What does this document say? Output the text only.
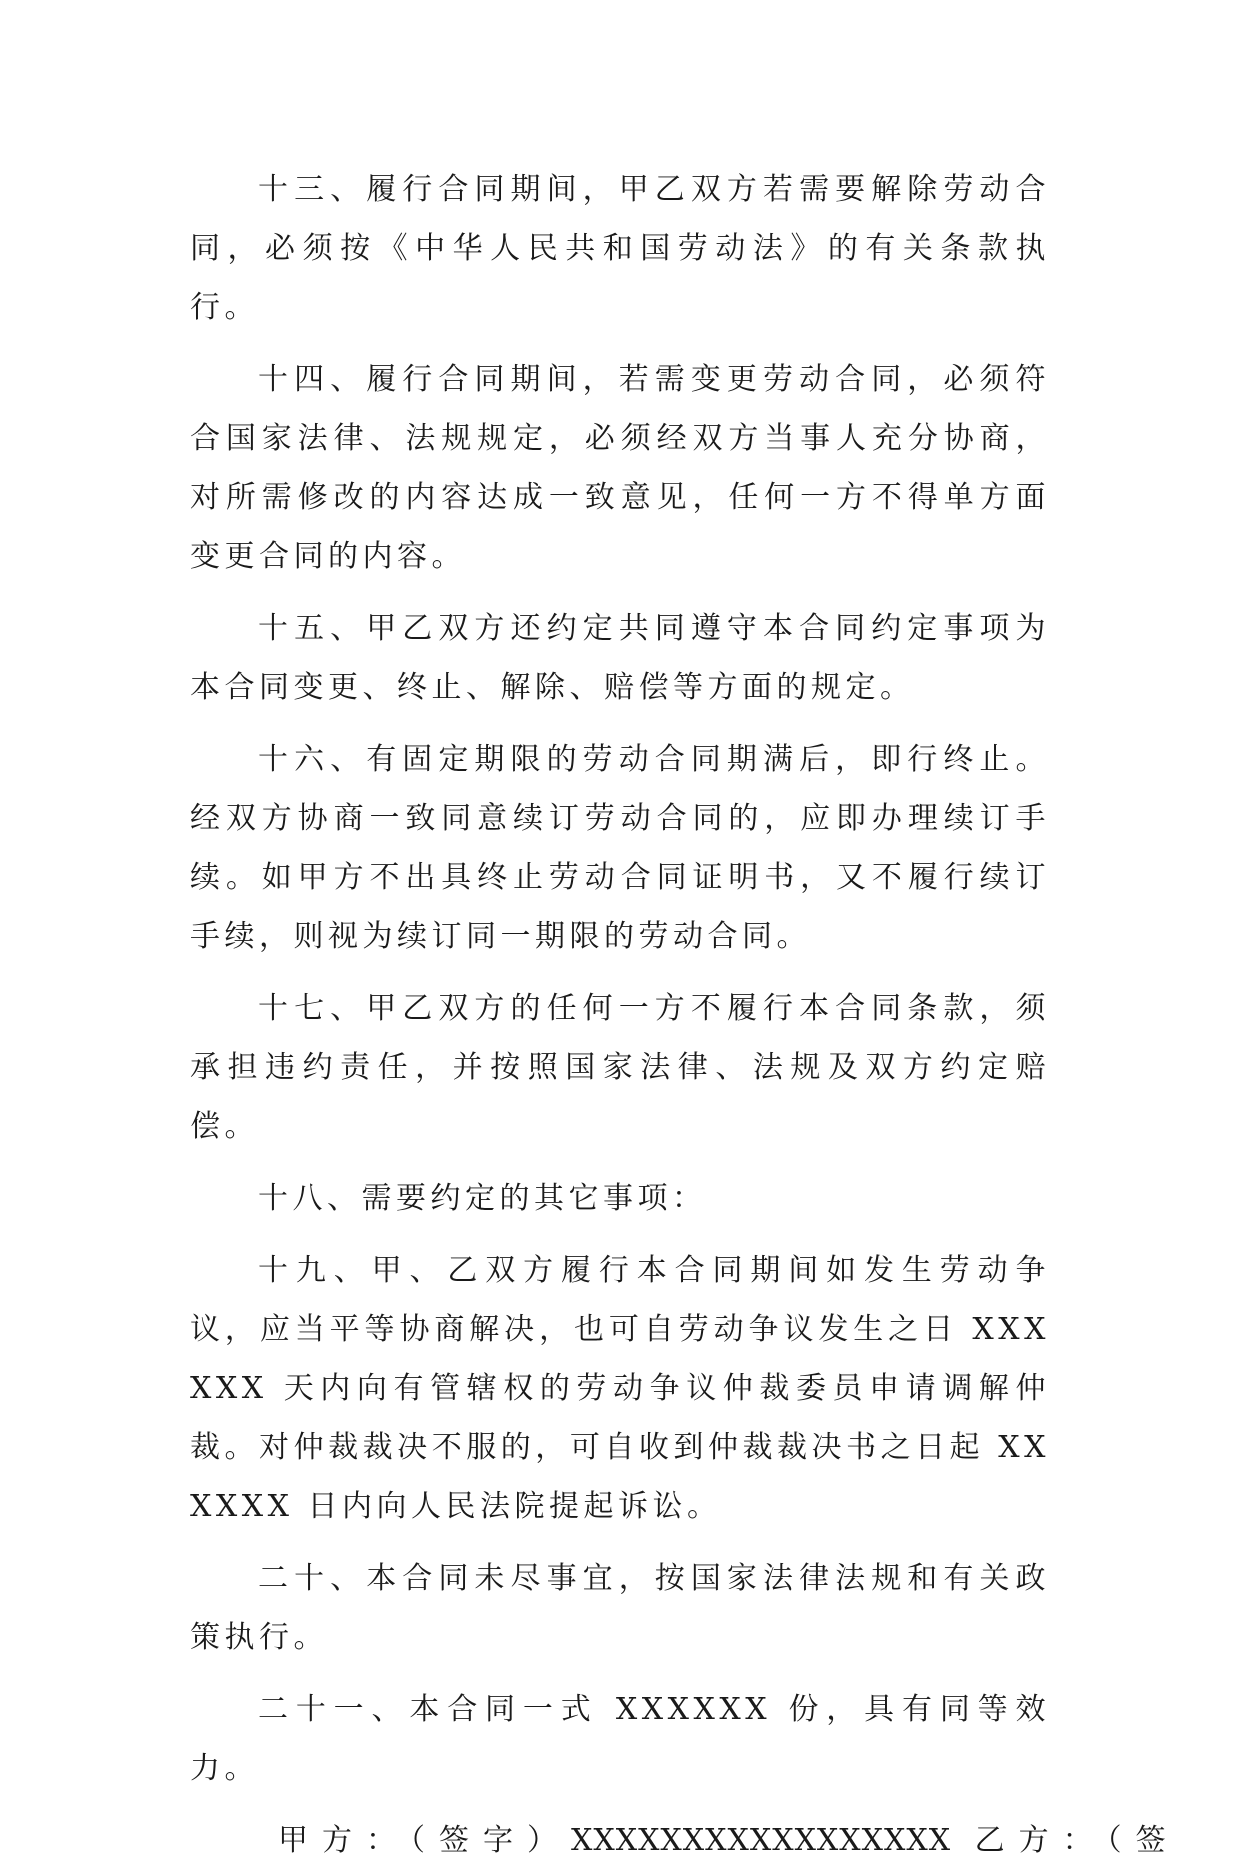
十三、履行合同期间，甲乙双方若需要解除劳动合同，必须按《中华人民共和国劳动法》的有关条款执行。

十四、履行合同期间，若需变更劳动合同，必须符合国家法律、法规规定，必须经双方当事人充分协商，对所需修改的内容达成一致意见，任何一方不得单方面变更合同的内容。

十五、甲乙双方还约定共同遵守本合同约定事项为本合同变更、终止、解除、赔偿等方面的规定。

十六、有固定期限的劳动合同期满后，即行终止。经双方协商一致同意续订劳动合同的，应即办理续订手续。如甲方不出具终止劳动合同证明书，又不履行续订手续，则视为续订同一期限的劳动合同。

十七、甲乙双方的任何一方不履行本合同条款，须承担违约责任，并按照国家法律、法规及双方约定赔偿。

十八、需要约定的其它事项：

十九、甲、乙双方履行本合同期间如发生劳动争议，应当平等协商解决，也可自劳动争议发生之日 XXXXXX 天内向有管辖权的劳动争议仲裁委员申请调解仲裁。对仲裁裁决不服的，可自收到仲裁裁决书之日起 XXXXXX 日内向人民法院提起诉讼。

二十、本合同未尽事宜，按国家法律法规和有关政策执行。

二十一、本合同一式 XXXXXX 份，具有同等效力。

甲方：（签字）XXXXXXXXXXXXXXXXX 乙方：（签
